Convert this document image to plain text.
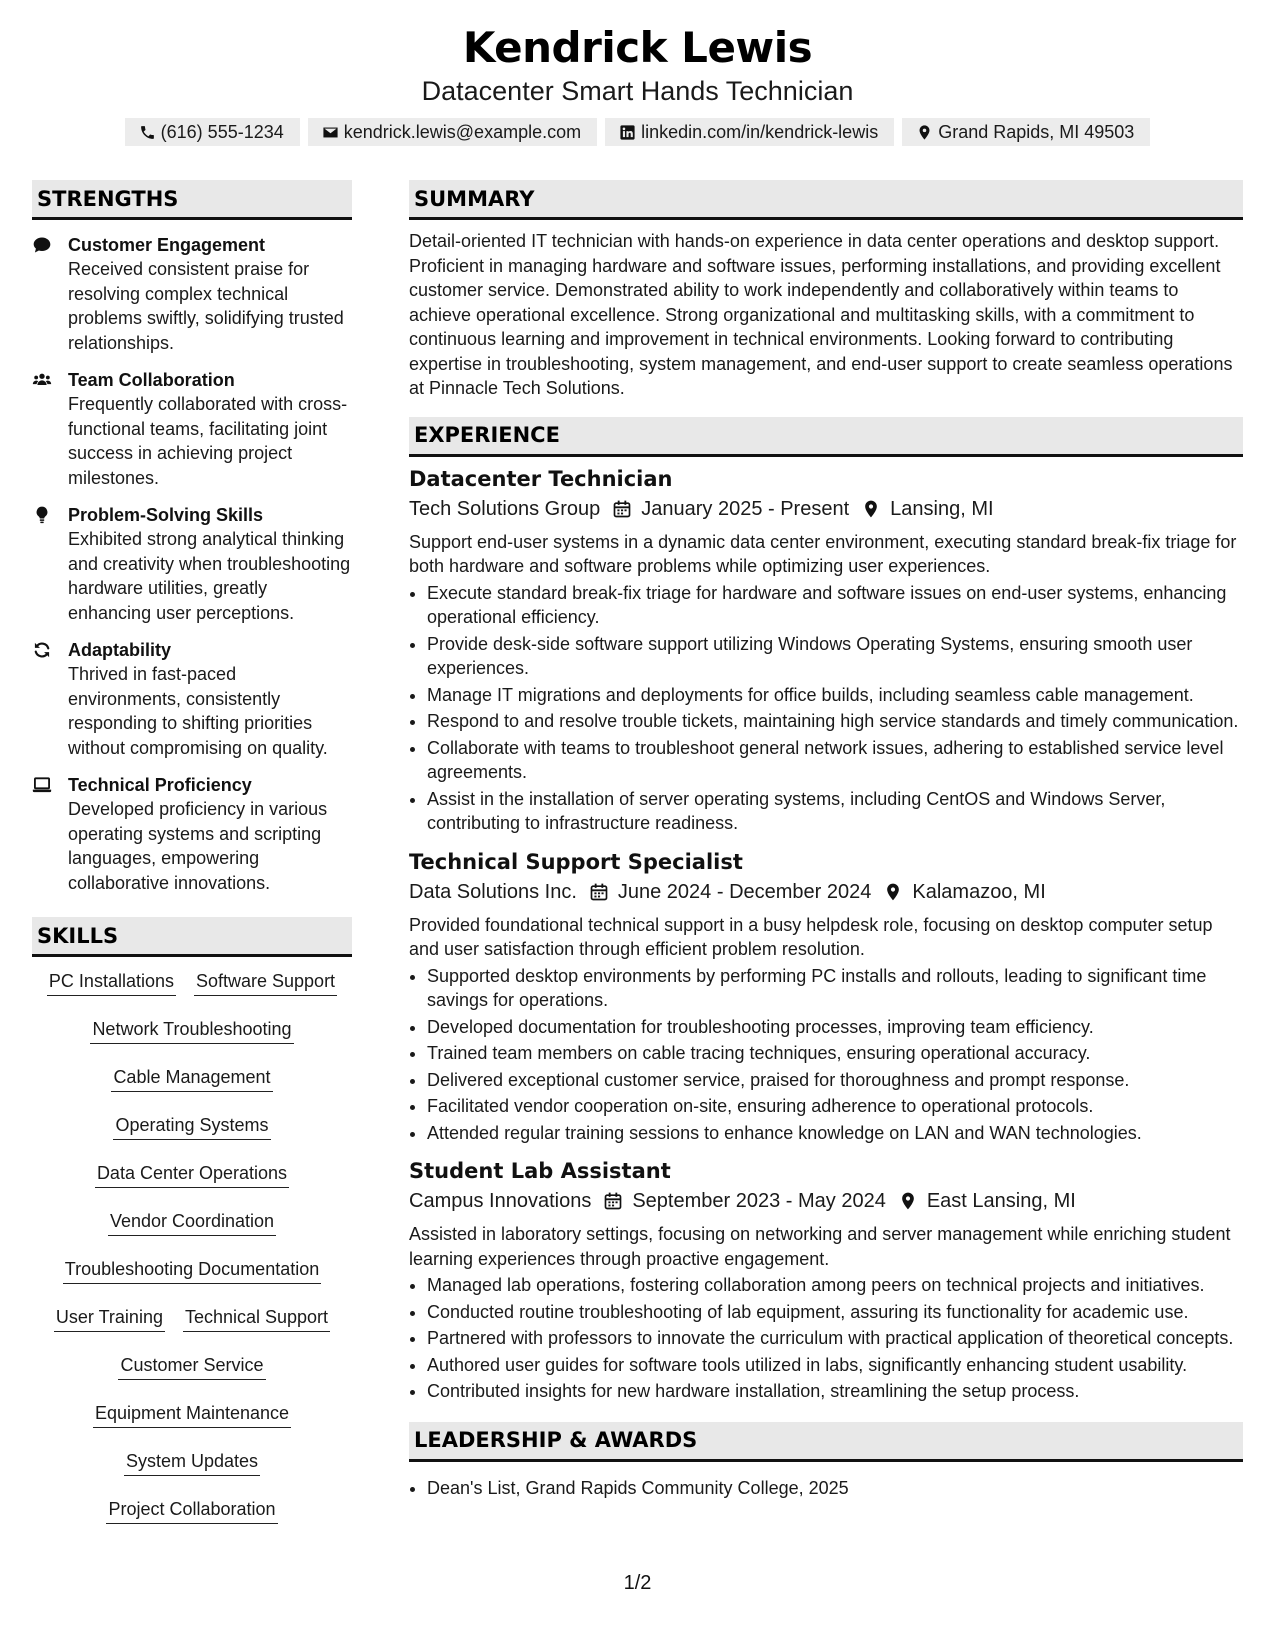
Kendrick Lewis
Datacenter Smart Hands Technician
(616) 555-1234	kendrick.lewis@example.com	linkedin.com/in/kendrick-lewis	Grand Rapids, MI 49503
STRENGTHS
Customer Engagement
Received consistent praise for resolving complex technical problems swiftly, solidifying trusted relationships.
Team Collaboration
Frequently collaborated with cross-functional teams, facilitating joint success in achieving project milestones.
Problem-Solving Skills
Exhibited strong analytical thinking and creativity when troubleshooting hardware utilities, greatly enhancing user perceptions.
Adaptability
Thrived in fast-paced environments, consistently responding to shifting priorities without compromising on quality.
Technical Proficiency
Developed proficiency in various operating systems and scripting languages, empowering collaborative innovations.
SKILLS
PC Installations Software Support
Network Troubleshooting
Cable Management
Operating Systems
Data Center Operations
Vendor Coordination
Troubleshooting Documentation
User Training Technical Support
Customer Service
Equipment Maintenance
System Updates
Project Collaboration
SUMMARY
Detail-oriented IT technician with hands-on experience in data center operations and desktop support. Proficient in managing hardware and software issues, performing installations, and providing excellent customer service. Demonstrated ability to work independently and collaboratively within teams to achieve operational excellence. Strong organizational and multitasking skills, with a commitment to continuous learning and improvement in technical environments. Looking forward to contributing expertise in troubleshooting, system management, and end-user support to create seamless operations at Pinnacle Tech Solutions.
EXPERIENCE
Datacenter Technician
Tech Solutions Group January 2025 - Present Lansing, MI
Support end-user systems in a dynamic data center environment, executing standard break-fix triage for both hardware and software problems while optimizing user experiences.
• Execute standard break-fix triage for hardware and software issues on end-user systems, enhancing operational efficiency.
• Provide desk-side software support utilizing Windows Operating Systems, ensuring smooth user experiences.
• Manage IT migrations and deployments for office builds, including seamless cable management.
• Respond to and resolve trouble tickets, maintaining high service standards and timely communication.
• Collaborate with teams to troubleshoot general network issues, adhering to established service level agreements.
• Assist in the installation of server operating systems, including CentOS and Windows Server, contributing to infrastructure readiness.
Technical Support Specialist
Data Solutions Inc. June 2024 - December 2024 Kalamazoo, MI
Provided foundational technical support in a busy helpdesk role, focusing on desktop computer setup and user satisfaction through efficient problem resolution.
• Supported desktop environments by performing PC installs and rollouts, leading to significant time savings for operations.
• Developed documentation for troubleshooting processes, improving team efficiency.
• Trained team members on cable tracing techniques, ensuring operational accuracy.
• Delivered exceptional customer service, praised for thoroughness and prompt response.
• Facilitated vendor cooperation on-site, ensuring adherence to operational protocols.
• Attended regular training sessions to enhance knowledge on LAN and WAN technologies.
Student Lab Assistant
Campus Innovations September 2023 - May 2024 East Lansing, MI
Assisted in laboratory settings, focusing on networking and server management while enriching student learning experiences through proactive engagement.
• Managed lab operations, fostering collaboration among peers on technical projects and initiatives.
• Conducted routine troubleshooting of lab equipment, assuring its functionality for academic use.
• Partnered with professors to innovate the curriculum with practical application of theoretical concepts.
• Authored user guides for software tools utilized in labs, significantly enhancing student usability.
• Contributed insights for new hardware installation, streamlining the setup process.
LEADERSHIP & AWARDS
• Dean's List, Grand Rapids Community College, 2025
1/2
